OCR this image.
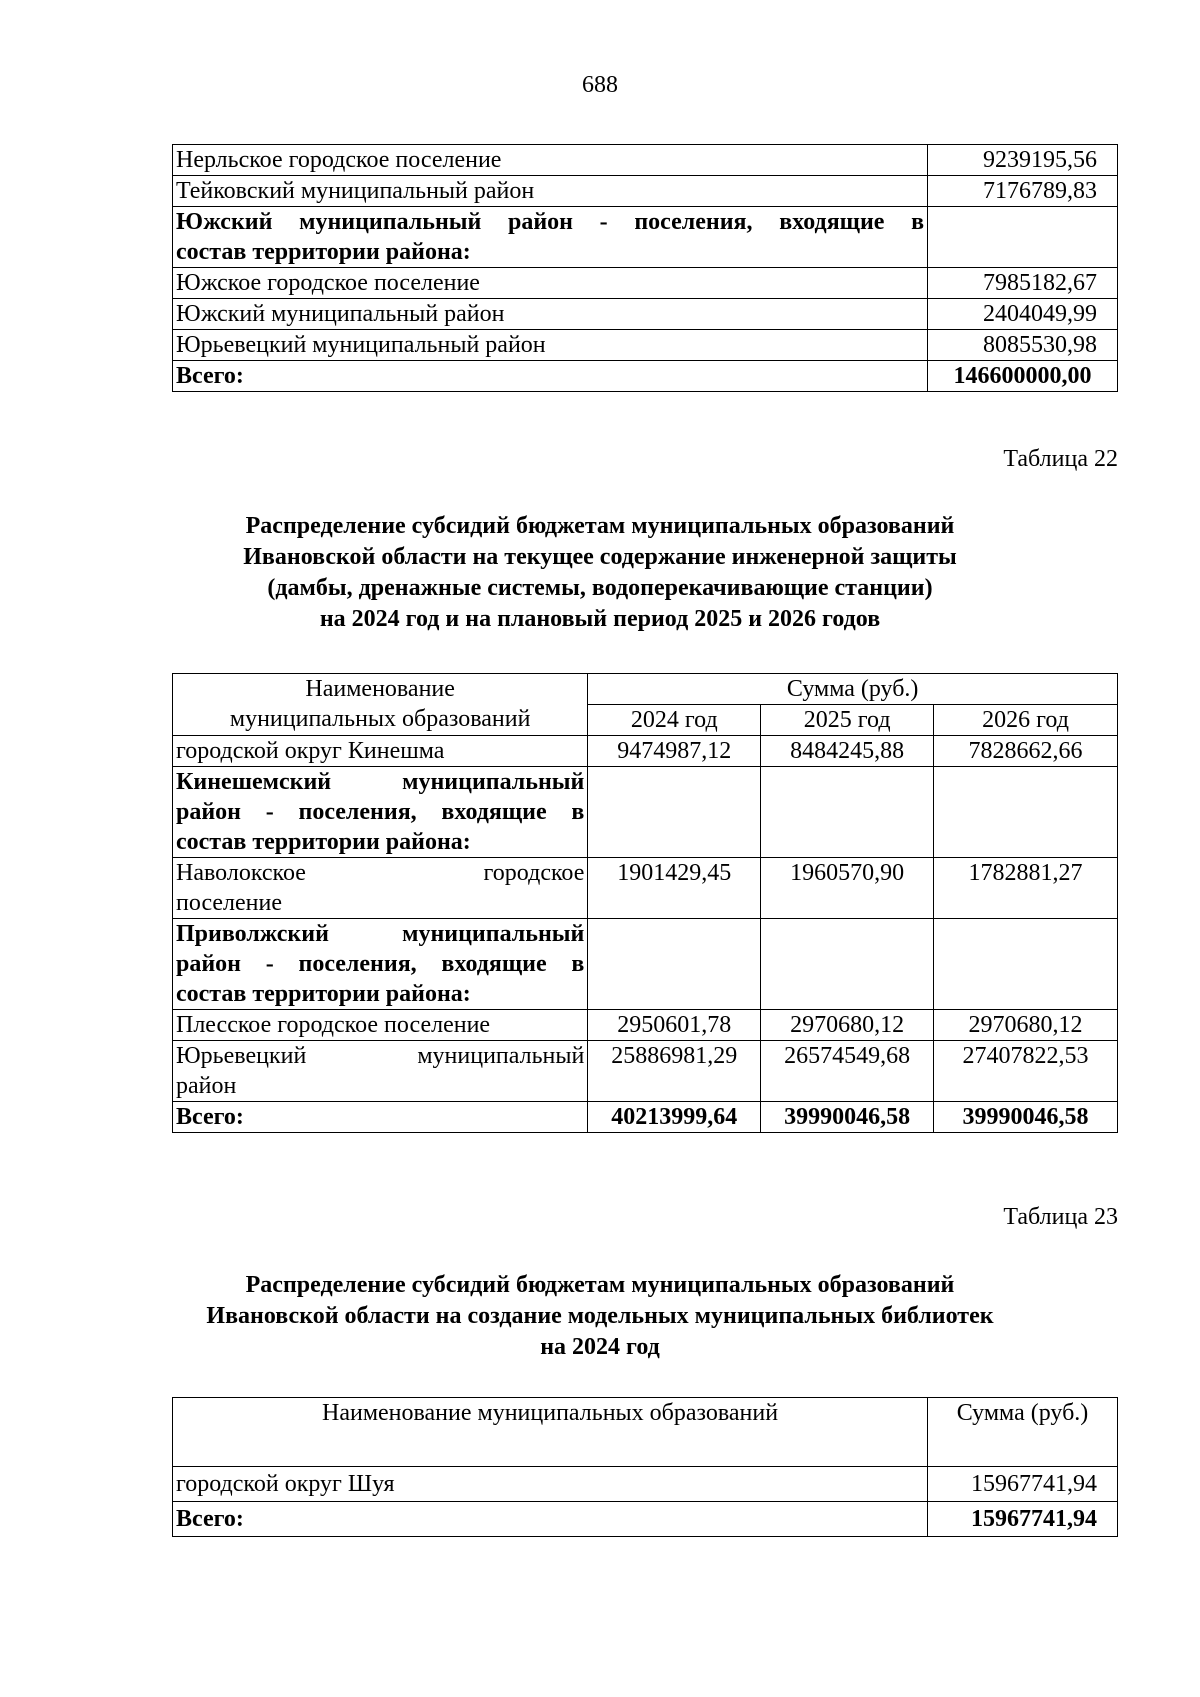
688
Нерльское городское поселение	9239195,56
Тейковский муниципальный район	7176789,83

Южский муниципальный район - поселения, входящие в
состав территории района:	

Южское городское поселение	7985182,67
Южский муниципальный район	2404049,99
Юрьевецкий муниципальный район	8085530,98
Всего:	146600000,00
Таблица 22
Распределение субсидий бюджетам муниципальных образований
Ивановской области на текущее содержание инженерной защиты
(дамбы, дренажные системы, водоперекачивающие станции)
на 2024 год и на плановый период 2025 и 2026 годов
Наименование
муниципальных образований	Сумма (руб.)		
	2024 год	2025 год	2026 год
городской округ Кинешма	9474987,12	8484245,88	7828662,66

Кинешемский муниципальный
район - поселения, входящие в
состав территории района:			

Наволокское городское
поселение	1901429,45	1960570,90	1782881,27

Приволжский муниципальный
район - поселения, входящие в
состав территории района:			

Плесское городское поселение	2950601,78	2970680,12	2970680,12

Юрьевецкий муниципальный
район	25886981,29	26574549,68	27407822,53
Всего:	40213999,64	39990046,58	39990046,58
Таблица 23
Распределение субсидий бюджетам муниципальных образований
Ивановской области на создание модельных муниципальных библиотек
на 2024 год
Наименование муниципальных образований	Сумма (руб.)
городской округ Шуя	15967741,94
Всего:	15967741,94
